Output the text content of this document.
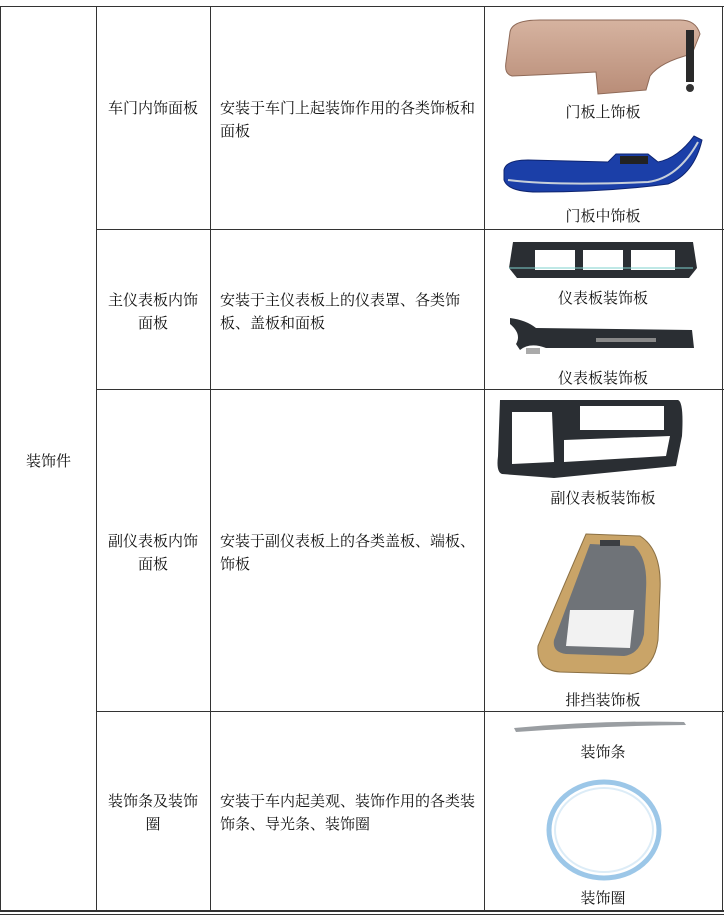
装饰件
车门内饰面板 安装于车门上起装饰作用的各类饰板和面板
主仪表板内饰面板
安装于主仪表板上的仪表罩、各类饰板、盖板和面板
副仪表板内饰面板
安装于副仪表板上的各类盖板、端板、饰板
装饰条及装饰圈
安装于车内起美观、装饰作用的各类装饰条、导光条、装饰圈
门板上饰板
门板中饰板
仪表板装饰板
仪表板装饰板
副仪表板装饰板
排挡装饰板
装饰条
装饰圈
